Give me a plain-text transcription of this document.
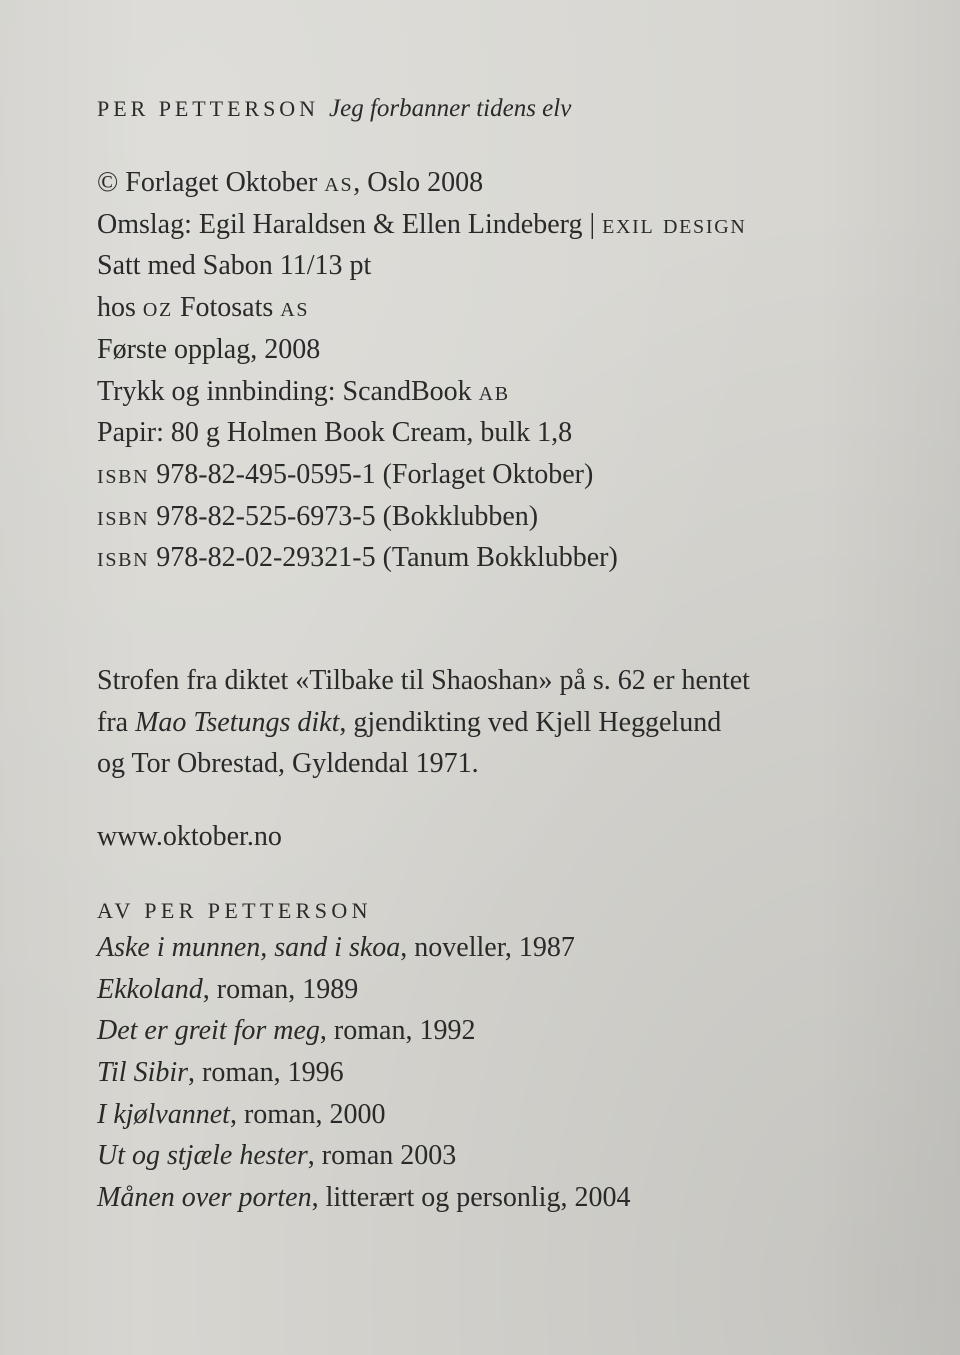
PER PETTERSON Jeg forbanner tidens elv
© Forlaget Oktober as, Oslo 2008
Omslag: Egil Haraldsen & Ellen Lindeberg | exil design
Satt med Sabon 11/13 pt
hos oz Fotosats as
Første opplag, 2008
Trykk og innbinding: ScandBook ab
Papir: 80 g Holmen Book Cream, bulk 1,8
isbn 978-82-495-0595-1 (Forlaget Oktober)
isbn 978-82-525-6973-5 (Bokklubben)
isbn 978-82-02-29321-5 (Tanum Bokklubber)
Strofen fra diktet «Tilbake til Shaoshan» på s. 62 er hentet
fra Mao Tsetungs dikt, gjendikting ved Kjell Heggelund
og Tor Obrestad, Gyldendal 1971.
www.oktober.no
AV PER PETTERSON
Aske i munnen, sand i skoa, noveller, 1987
Ekkoland, roman, 1989
Det er greit for meg, roman, 1992
Til Sibir, roman, 1996
I kjølvannet, roman, 2000
Ut og stjæle hester, roman 2003
Månen over porten, litterært og personlig, 2004
